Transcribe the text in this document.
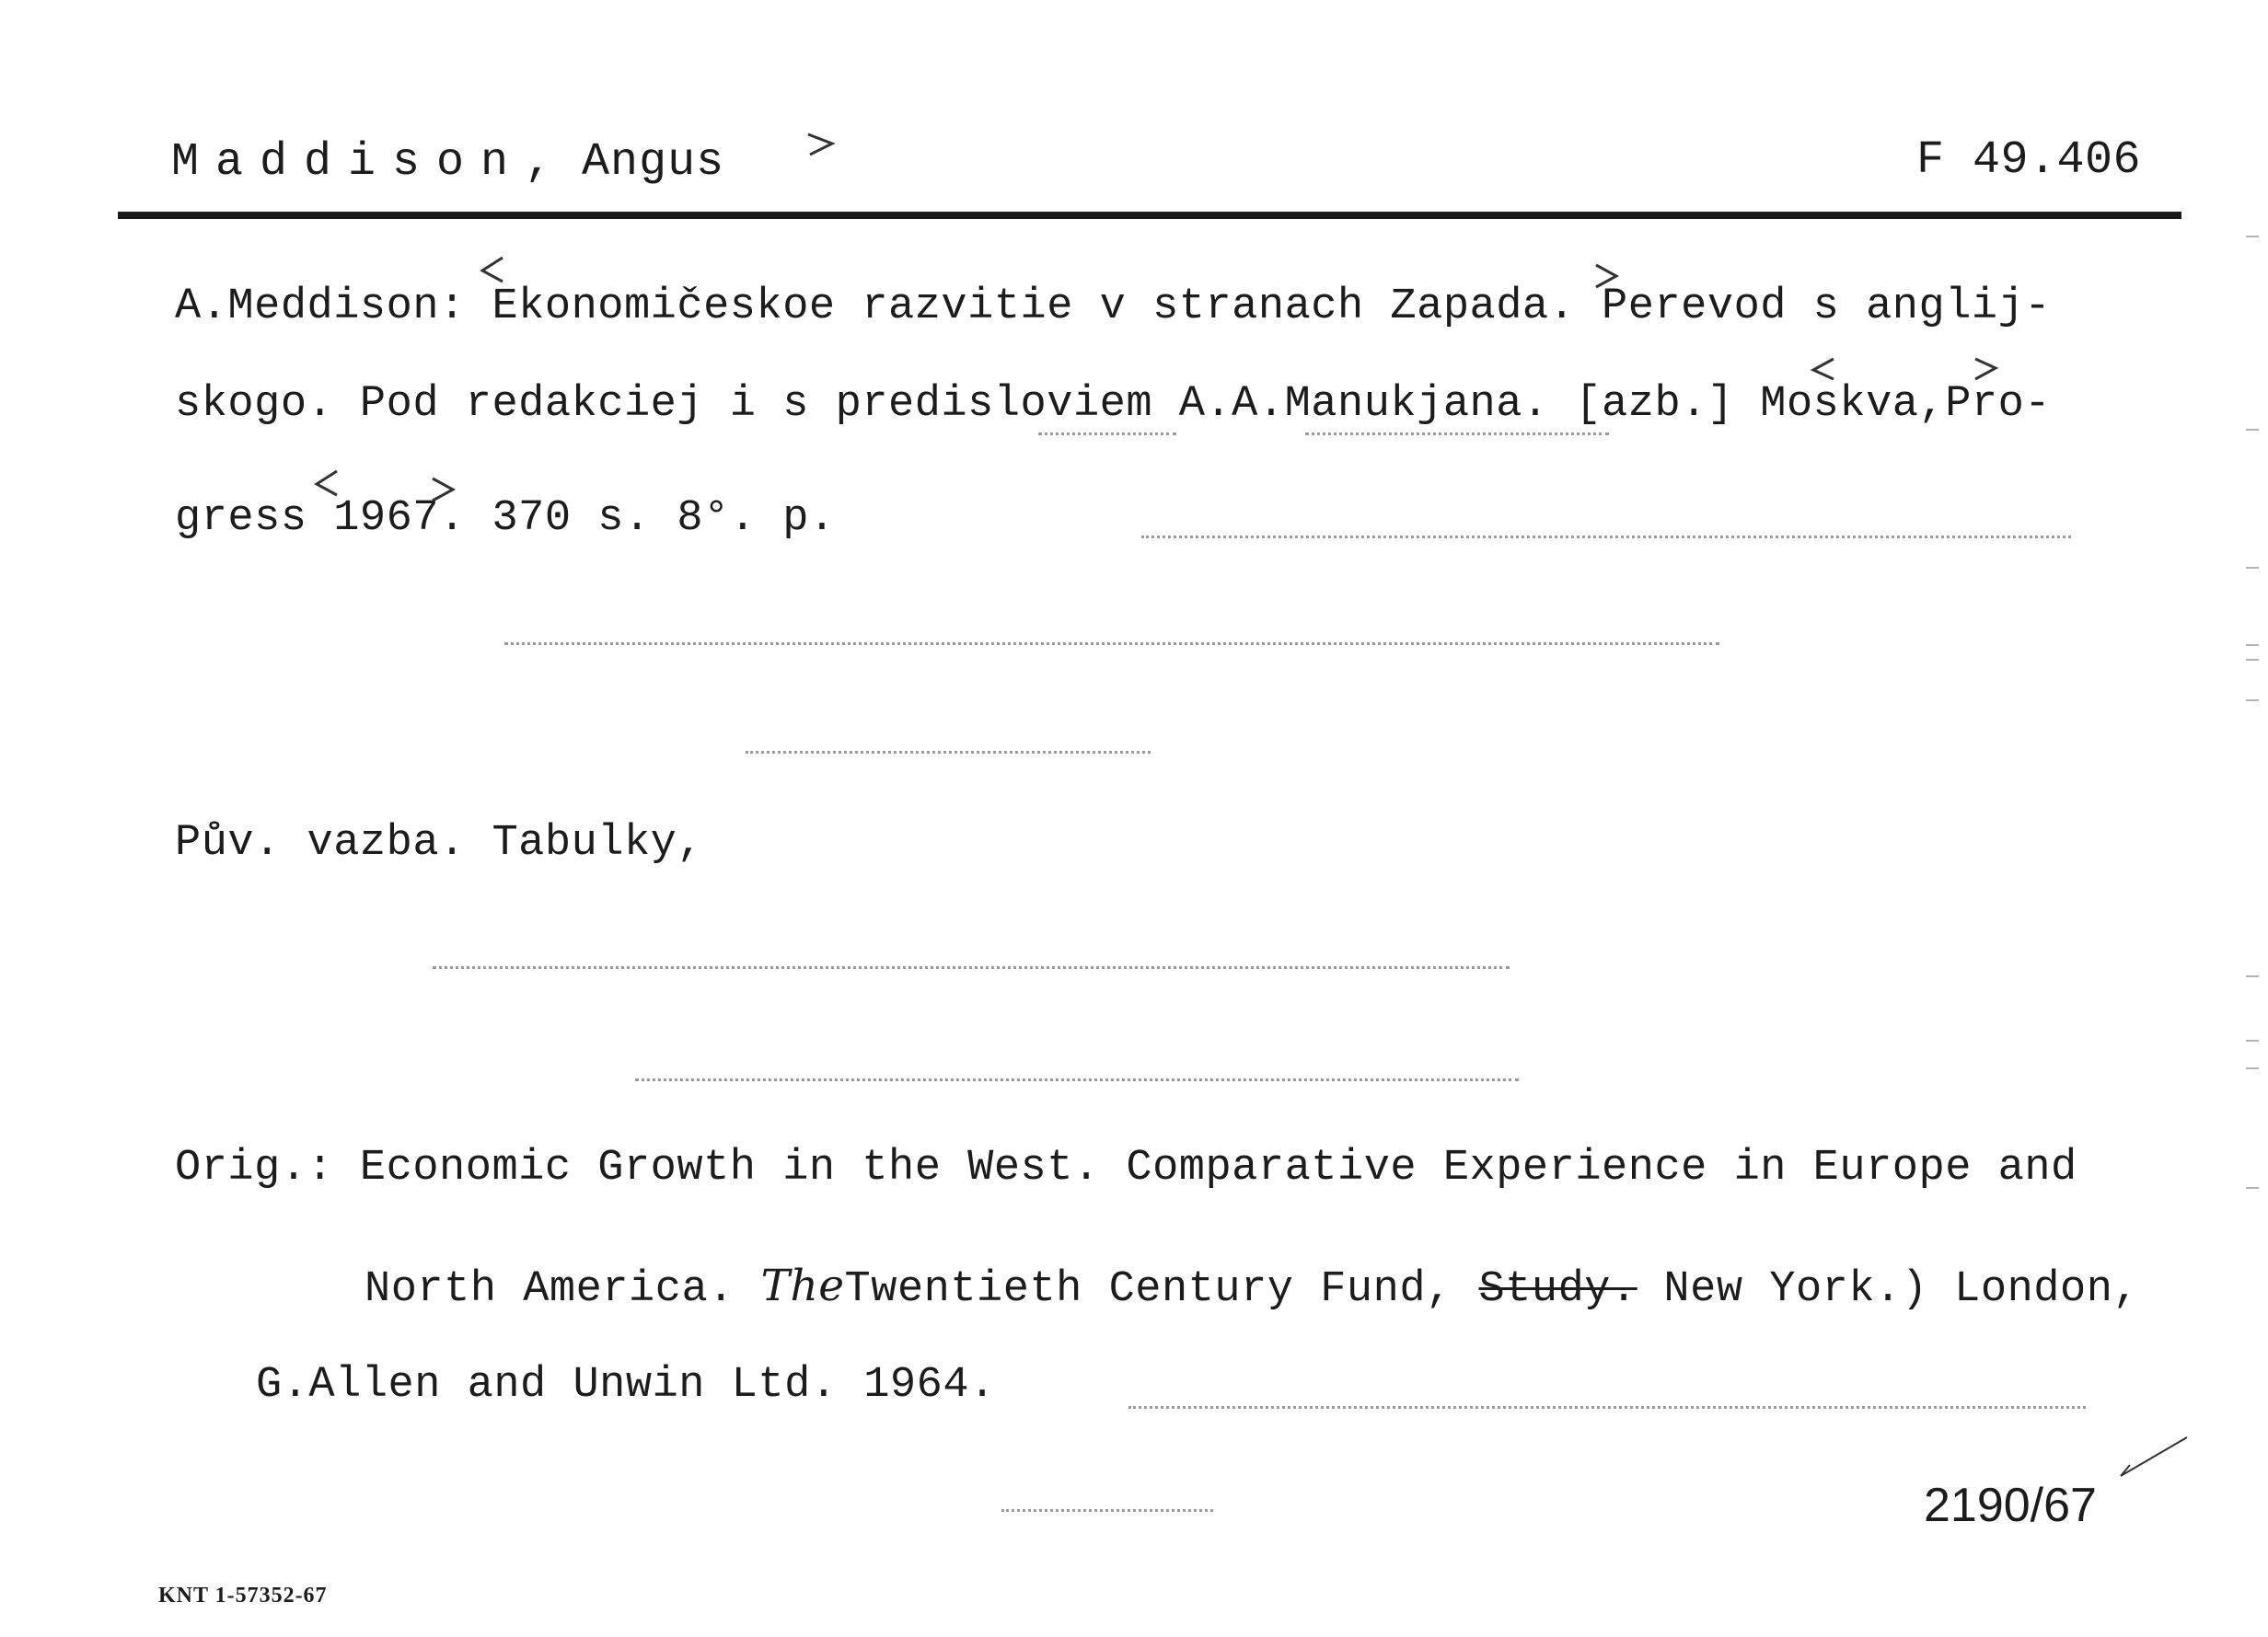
Maddison, Angus	F 49.406
A.Meddison: Ekonomičeskoe razvitie v stranach Zapada. Perevod s anglij-
skogo. Pod redakciej i s predisloviem A.A.Manukjana. [azb.] Moskva,Pro-
gress 1967. 370 s. 8°. p.
Pův. vazba. Tabulky,
Orig.: Economic Growth in the West. Comparative Experience in Europe and
North America. TheTwentieth Century Fund, Study. New York.) London,
G.Allen and Unwin Ltd. 1964.
2190/67
KNT 1-57352-67
